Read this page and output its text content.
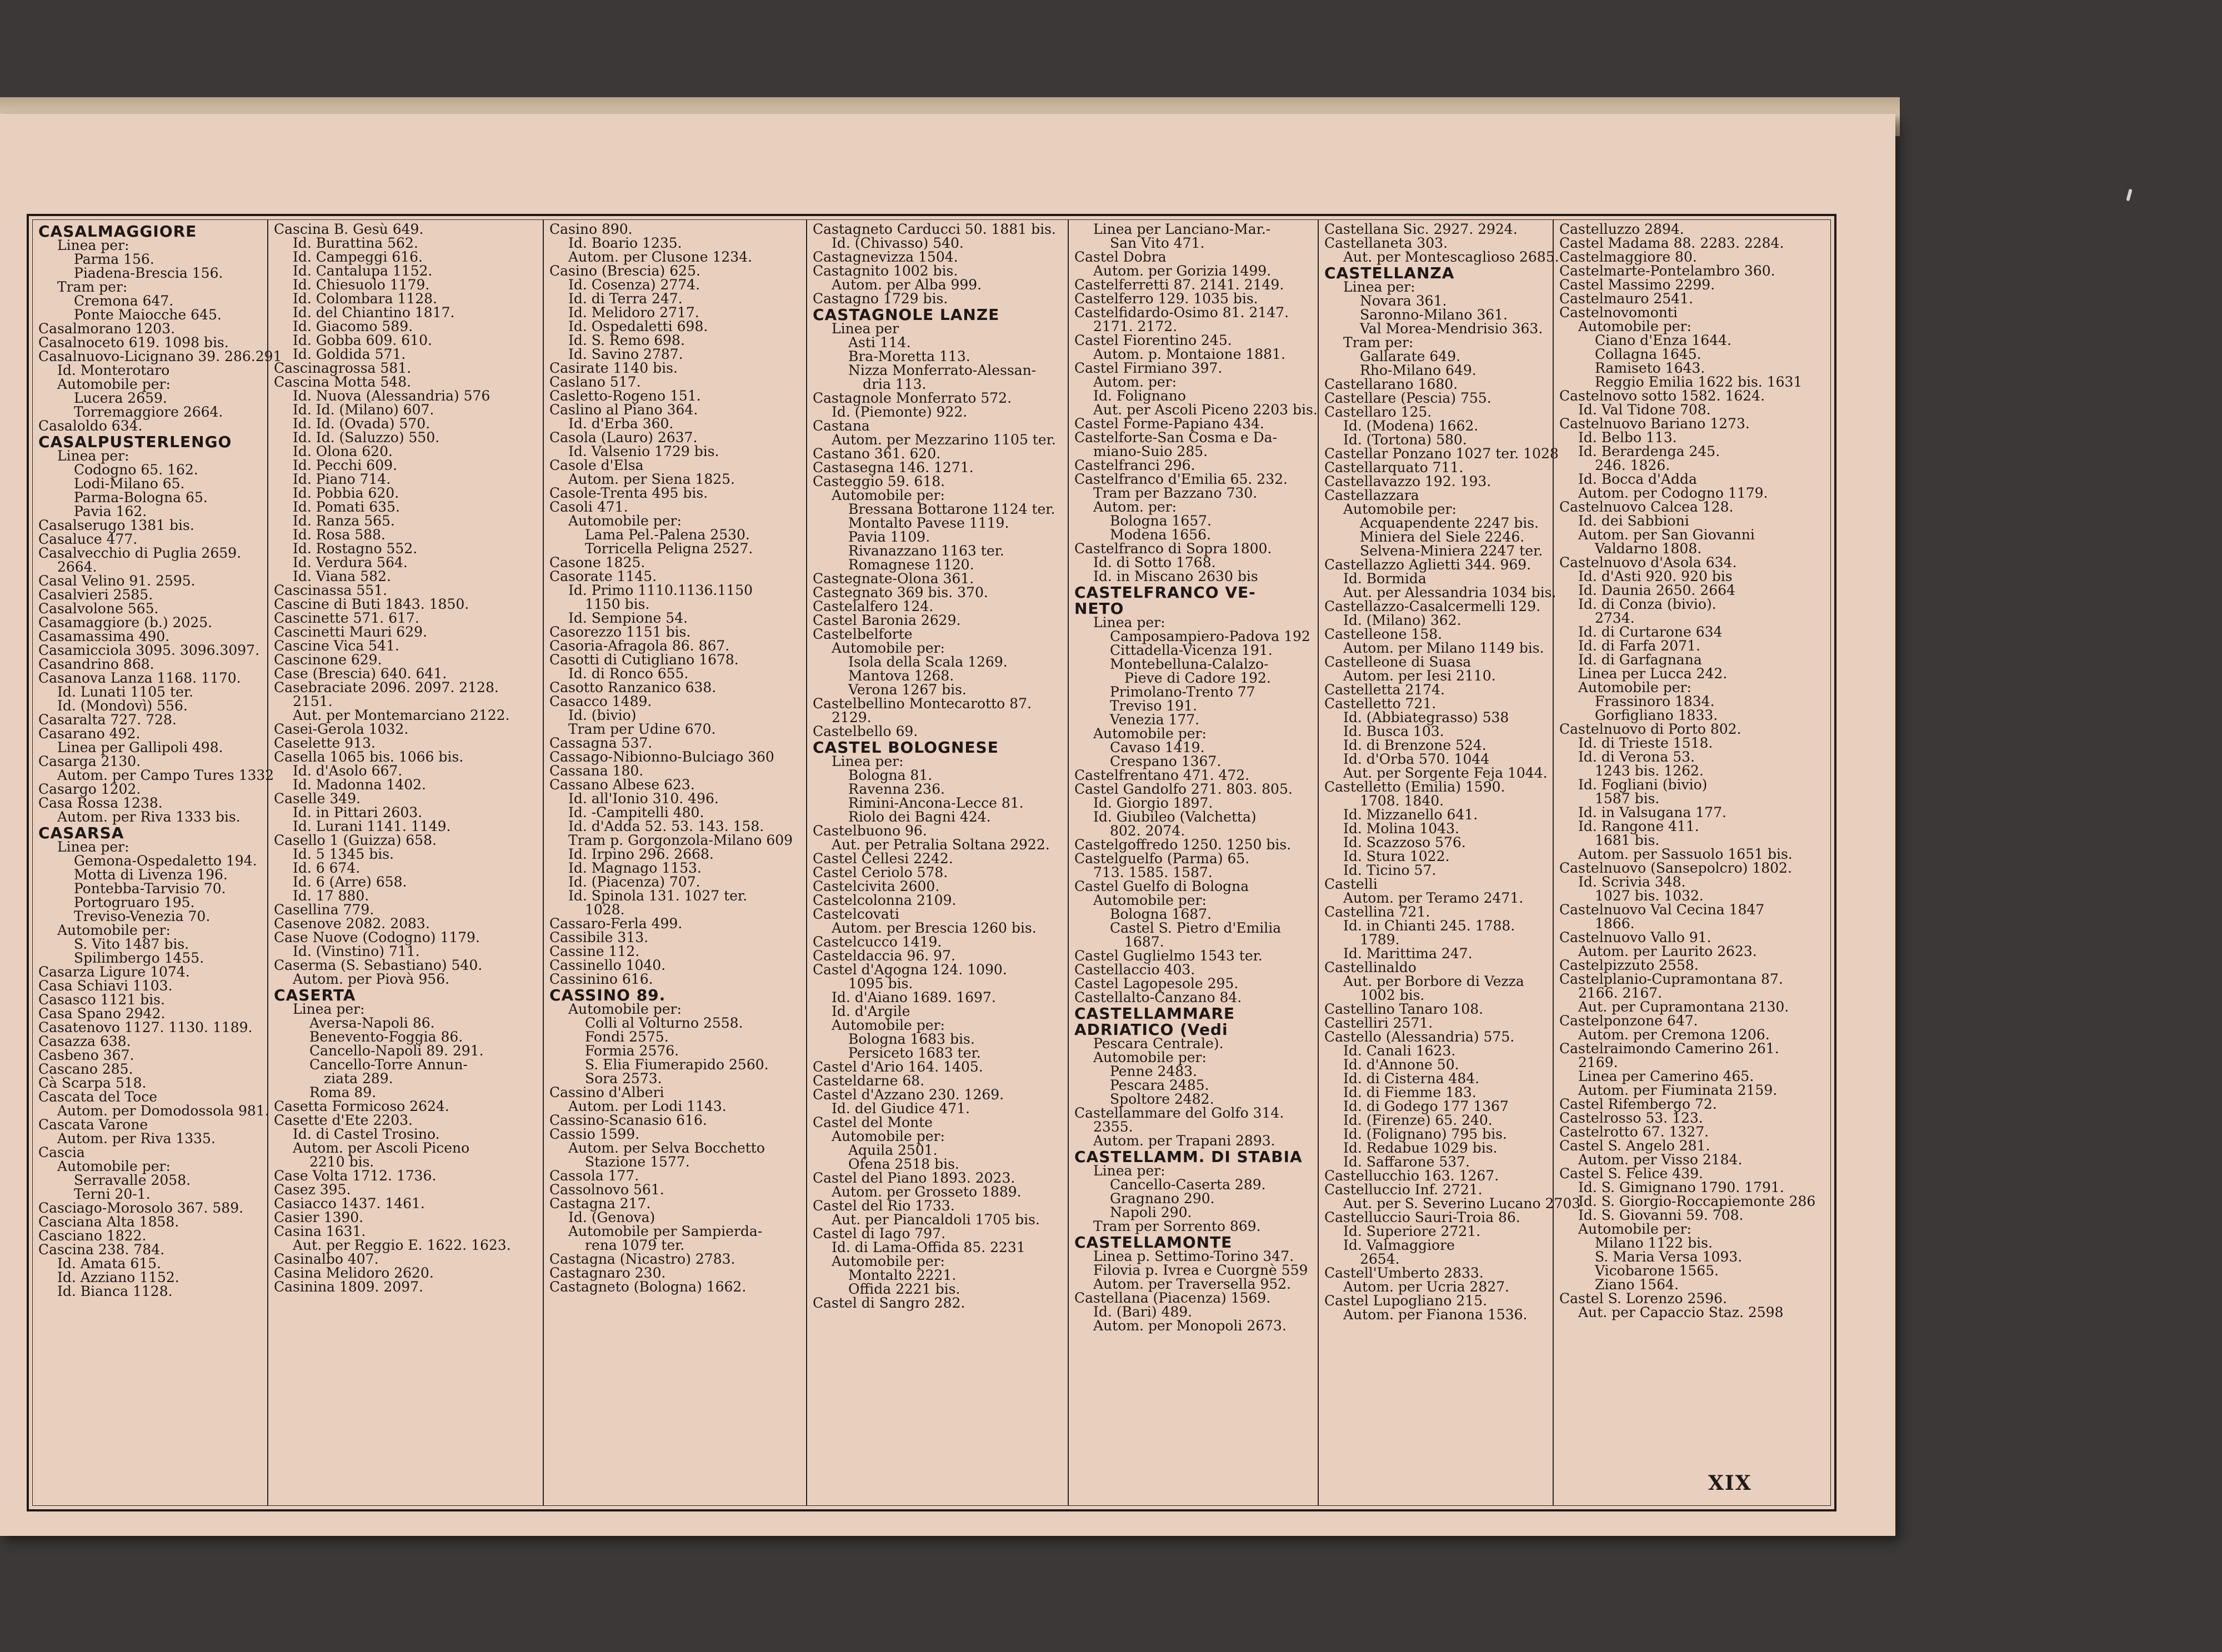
CASALMAGGIORE
Linea per:
Parma 156.
Piadena-Brescia 156.
Tram per:
Cremona 647.
Ponte Maiocche 645.
Casalmorano 1203.
Casalnoceto 619. 1098 bis.
Casalnuovo-Licignano 39. 286.291
Id. Monterotaro
Automobile per:
Lucera 2659.
Torremaggiore 2664.
Casaloldo 634.
CASALPUSTERLENGO
Linea per:
Codogno 65. 162.
Lodi-Milano 65.
Parma-Bologna 65.
Pavia 162.
Casalserugo 1381 bis.
Casaluce 477.
Casalvecchio di Puglia 2659.
2664.
Casal Velino 91. 2595.
Casalvieri 2585.
Casalvolone 565.
Casamaggiore (b.) 2025.
Casamassima 490.
Casamicciola 3095. 3096.3097.
Casandrino 868.
Casanova Lanza 1168. 1170.
Id. Lunati 1105 ter.
Id. (Mondovì) 556.
Casaralta 727. 728.
Casarano 492.
Linea per Gallipoli 498.
Casarga 2130.
Autom. per Campo Tures 1332
Casargo 1202.
Casa Rossa 1238.
Autom. per Riva 1333 bis.
CASARSA
Linea per:
Gemona-Ospedaletto 194.
Motta di Livenza 196.
Pontebba-Tarvisio 70.
Portogruaro 195.
Treviso-Venezia 70.
Automobile per:
S. Vito 1487 bis.
Spilimbergo 1455.
Casarza Ligure 1074.
Casa Schiavi 1103.
Casasco 1121 bis.
Casa Spano 2942.
Casatenovo 1127. 1130. 1189.
Casazza 638.
Casbeno 367.
Cascano 285.
Cà Scarpa 518.
Cascata del Toce
Autom. per Domodossola 981.
Cascata Varone
Autom. per Riva 1335.
Cascia
Automobile per:
Serravalle 2058.
Terni 20-1.
Casciago-Morosolo 367. 589.
Casciana Alta 1858.
Casciano 1822.
Cascina 238. 784.
Id. Amata 615.
Id. Azziano 1152.
Id. Bianca 1128.
Cascina B. Gesù 649.
Id. Burattina 562.
Id. Campeggi 616.
Id. Cantalupa 1152.
Id. Chiesuolo 1179.
Id. Colombara 1128.
Id. del Chiantino 1817.
Id. Giacomo 589.
Id. Gobba 609. 610.
Id. Goldida 571.
Cascinagrossa 581.
Cascina Motta 548.
Id. Nuova (Alessandria) 576
Id. Id. (Milano) 607.
Id. Id. (Ovada) 570.
Id. Id. (Saluzzo) 550.
Id. Olona 620.
Id. Pecchi 609.
Id. Piano 714.
Id. Pobbia 620.
Id. Pomati 635.
Id. Ranza 565.
Id. Rosa 588.
Id. Rostagno 552.
Id. Verdura 564.
Id. Viana 582.
Cascinassa 551.
Cascine di Buti 1843. 1850.
Cascinette 571. 617.
Cascinetti Mauri 629.
Cascine Vica 541.
Cascinone 629.
Case (Brescia) 640. 641.
Casebraciate 2096. 2097. 2128.
2151.
Aut. per Montemarciano 2122.
Casei-Gerola 1032.
Caselette 913.
Casella 1065 bis. 1066 bis.
Id. d'Asolo 667.
Id. Madonna 1402.
Caselle 349.
Id. in Pittari 2603.
Id. Lurani 1141. 1149.
Casello 1 (Guizza) 658.
Id. 5 1345 bis.
Id. 6 674.
Id. 6 (Arre) 658.
Id. 17 880.
Casellina 779.
Casenove 2082. 2083.
Case Nuove (Codogno) 1179.
Id. (Vinstino) 711.
Caserma (S. Sebastiano) 540.
Autom. per Piovà 956.
CASERTA
Linea per:
Aversa-Napoli 86.
Benevento-Foggia 86.
Cancello-Napoli 89. 291.
Cancello-Torre Annun-
ziata 289.
Roma 89.
Casetta Formicoso 2624.
Casette d'Ete 2203.
Id. di Castel Trosino.
Autom. per Ascoli Piceno
2210 bis.
Case Volta 1712. 1736.
Casez 395.
Casiacco 1437. 1461.
Casier 1390.
Casina 1631.
Aut. per Reggio E. 1622. 1623.
Casinalbo 407.
Casina Melidoro 2620.
Casinina 1809. 2097.
Casino 890.
Id. Boario 1235.
Autom. per Clusone 1234.
Casino (Brescia) 625.
Id. Cosenza) 2774.
Id. di Terra 247.
Id. Melidoro 2717.
Id. Ospedaletti 698.
Id. S. Remo 698.
Id. Savino 2787.
Casirate 1140 bis.
Caslano 517.
Casletto-Rogeno 151.
Caslino al Piano 364.
Id. d'Erba 360.
Casola (Lauro) 2637.
Id. Valsenio 1729 bis.
Casole d'Elsa
Autom. per Siena 1825.
Casole-Trenta 495 bis.
Casoli 471.
Automobile per:
Lama Pel.-Palena 2530.
Torricella Peligna 2527.
Casone 1825.
Casorate 1145.
Id. Primo 1110.1136.1150
1150 bis.
Id. Sempione 54.
Casorezzo 1151 bis.
Casoria-Afragola 86. 867.
Casotti di Cutigliano 1678.
Id. di Ronco 655.
Casotto Ranzanico 638.
Casacco 1489.
Id. (bivio)
Tram per Udine 670.
Cassagna 537.
Cassago-Nibionno-Bulciago 360
Cassana 180.
Cassano Albese 623.
Id. all'Ionio 310. 496.
Id. -Campitelli 480.
Id. d'Adda 52. 53. 143. 158.
Tram p. Gorgonzola-Milano 609
Id. Irpino 296. 2668.
Id. Magnago 1153.
Id. (Piacenza) 707.
Id. Spinola 131. 1027 ter.
1028.
Cassaro-Ferla 499.
Cassibile 313.
Cassine 112.
Cassinello 1040.
Cassinino 616.
CASSINO 89.
Automobile per:
Colli al Volturno 2558.
Fondi 2575.
Formia 2576.
S. Elia Fiumerapido 2560.
Sora 2573.
Cassino d'Alberi
Autom. per Lodi 1143.
Cassino-Scanasio 616.
Cassio 1599.
Autom. per Selva Bocchetto
Stazione 1577.
Cassola 177.
Cassolnovo 561.
Castagna 217.
Id. (Genova)
Automobile per Sampierda-
rena 1079 ter.
Castagna (Nicastro) 2783.
Castagnaro 230.
Castagneto (Bologna) 1662.
Castagneto Carducci 50. 1881 bis.
Id. (Chivasso) 540.
Castagnevizza 1504.
Castagnito 1002 bis.
Autom. per Alba 999.
Castagno 1729 bis.
CASTAGNOLE LANZE
Linea per
Asti 114.
Bra-Moretta 113.
Nizza Monferrato-Alessan-
dria 113.
Castagnole Monferrato 572.
Id. (Piemonte) 922.
Castana
Autom. per Mezzarino 1105 ter.
Castano 361. 620.
Castasegna 146. 1271.
Casteggio 59. 618.
Automobile per:
Bressana Bottarone 1124 ter.
Montalto Pavese 1119.
Pavia 1109.
Rivanazzano 1163 ter.
Romagnese 1120.
Castegnate-Olona 361.
Castegnato 369 bis. 370.
Castelalfero 124.
Castel Baronia 2629.
Castelbelforte
Automobile per:
Isola della Scala 1269.
Mantova 1268.
Verona 1267 bis.
Castelbellino Montecarotto 87.
2129.
Castelbello 69.
CASTEL BOLOGNESE
Linea per:
Bologna 81.
Ravenna 236.
Rimini-Ancona-Lecce 81.
Riolo dei Bagni 424.
Castelbuono 96.
Aut. per Petralia Soltana 2922.
Castel Cellesi 2242.
Castel Ceriolo 578.
Castelcivita 2600.
Castelcolonna 2109.
Castelcovati
Autom. per Brescia 1260 bis.
Castelcucco 1419.
Casteldaccia 96. 97.
Castel d'Agogna 124. 1090.
1095 bis.
Id. d'Aiano 1689. 1697.
Id. d'Argile
Automobile per:
Bologna 1683 bis.
Persiceto 1683 ter.
Castel d'Ario 164. 1405.
Casteldarne 68.
Castel d'Azzano 230. 1269.
Id. del Giudice 471.
Castel del Monte
Automobile per:
Aquila 2501.
Ofena 2518 bis.
Castel del Piano 1893. 2023.
Autom. per Grosseto 1889.
Castel del Rio 1733.
Aut. per Piancaldoli 1705 bis.
Castel di Iago 797.
Id. di Lama-Offida 85. 2231
Automobile per:
Montalto 2221.
Offida 2221 bis.
Castel di Sangro 282.
Linea per Lanciano-Mar.-
San Vito 471.
Castel Dobra
Autom. per Gorizia 1499.
Castelferretti 87. 2141. 2149.
Castelferro 129. 1035 bis.
Castelfidardo-Osimo 81. 2147.
2171. 2172.
Castel Fiorentino 245.
Autom. p. Montaione 1881.
Castel Firmiano 397.
Autom. per:
Id. Folignano
Aut. per Ascoli Piceno 2203 bis.
Castel Forme-Papiano 434.
Castelforte-San Cosma e Da-
miano-Suio 285.
Castelfranci 296.
Castelfranco d'Emilia 65. 232.
Tram per Bazzano 730.
Autom. per:
Bologna 1657.
Modena 1656.
Castelfranco di Sopra 1800.
Id. di Sotto 1768.
Id. in Miscano 2630 bis
CASTELFRANCO VE-
NETO
Linea per:
Camposampiero-Padova 192
Cittadella-Vicenza 191.
Montebelluna-Calalzo-
Pieve di Cadore 192.
Primolano-Trento 77
Treviso 191.
Venezia 177.
Automobile per:
Cavaso 1419.
Crespano 1367.
Castelfrentano 471. 472.
Castel Gandolfo 271. 803. 805.
Id. Giorgio 1897.
Id. Giubileo (Valchetta)
802. 2074.
Castelgoffredo 1250. 1250 bis.
Castelguelfo (Parma) 65.
713. 1585. 1587.
Castel Guelfo di Bologna
Automobile per:
Bologna 1687.
Castel S. Pietro d'Emilia
1687.
Castel Guglielmo 1543 ter.
Castellaccio 403.
Castel Lagopesole 295.
Castellalto-Canzano 84.
CASTELLAMMARE
ADRIATICO (Vedi
Pescara Centrale).
Automobile per:
Penne 2483.
Pescara 2485.
Spoltore 2482.
Castellammare del Golfo 314.
2355.
Autom. per Trapani 2893.
CASTELLAMM. DI STABIA
Linea per:
Cancello-Caserta 289.
Gragnano 290.
Napoli 290.
Tram per Sorrento 869.
CASTELLAMONTE
Linea p. Settimo-Torino 347.
Filovia p. Ivrea e Cuorgnè 559
Autom. per Traversella 952.
Castellana (Piacenza) 1569.
Id. (Bari) 489.
Autom. per Monopoli 2673.
Castellana Sic. 2927. 2924.
Castellaneta 303.
Aut. per Montescaglioso 2685.
CASTELLANZA
Linea per:
Novara 361.
Saronno-Milano 361.
Val Morea-Mendrisio 363.
Tram per:
Gallarate 649.
Rho-Milano 649.
Castellarano 1680.
Castellare (Pescia) 755.
Castellaro 125.
Id. (Modena) 1662.
Id. (Tortona) 580.
Castellar Ponzano 1027 ter. 1028
Castellarquato 711.
Castellavazzo 192. 193.
Castellazzara
Automobile per:
Acquapendente 2247 bis.
Miniera del Siele 2246.
Selvena-Miniera 2247 ter.
Castellazzo Aglietti 344. 969.
Id. Bormida
Aut. per Alessandria 1034 bis.
Castellazzo-Casalcermelli 129.
Id. (Milano) 362.
Castelleone 158.
Autom. per Milano 1149 bis.
Castelleone di Suasa
Autom. per Iesi 2110.
Castelletta 2174.
Castelletto 721.
Id. (Abbiategrasso) 538
Id. Busca 103.
Id. di Brenzone 524.
Id. d'Orba 570. 1044
Aut. per Sorgente Feja 1044.
Castelletto (Emilia) 1590.
1708. 1840.
Id. Mizzanello 641.
Id. Molina 1043.
Id. Scazzoso 576.
Id. Stura 1022.
Id. Ticino 57.
Castelli
Autom. per Teramo 2471.
Castellina 721.
Id. in Chianti 245. 1788.
1789.
Id. Marittima 247.
Castellinaldo
Aut. per Borbore di Vezza
1002 bis.
Castellino Tanaro 108.
Castelliri 2571.
Castello (Alessandria) 575.
Id. Canali 1623.
Id. d'Annone 50.
Id. di Cisterna 484.
Id. di Fiemme 183.
Id. di Godego 177 1367
Id. (Firenze) 65. 240.
Id. (Folignano) 795 bis.
Id. Redabue 1029 bis.
Id. Saffarone 537.
Castellucchio 163. 1267.
Castelluccio Inf. 2721.
Aut. per S. Severino Lucano 2703
Castelluccio Sauri-Troia 86.
Id. Superiore 2721.
Id. Valmaggiore
2654.
Castell'Umberto 2833.
Autom. per Ucria 2827.
Castel Lupogliano 215.
Autom. per Fianona 1536.
Castelluzzo 2894.
Castel Madama 88. 2283. 2284.
Castelmaggiore 80.
Castelmarte-Pontelambro 360.
Castel Massimo 2299.
Castelmauro 2541.
Castelnovomonti
Automobile per:
Ciano d'Enza 1644.
Collagna 1645.
Ramiseto 1643.
Reggio Emilia 1622 bis. 1631
Castelnovo sotto 1582. 1624.
Id. Val Tidone 708.
Castelnuovo Bariano 1273.
Id. Belbo 113.
Id. Berardenga 245.
246. 1826.
Id. Bocca d'Adda
Autom. per Codogno 1179.
Castelnuovo Calcea 128.
Id. dei Sabbioni
Autom. per San Giovanni
Valdarno 1808.
Castelnuovo d'Asola 634.
Id. d'Asti 920. 920 bis
Id. Daunia 2650. 2664
Id. di Conza (bivio).
2734.
Id. di Curtarone 634
Id. di Farfa 2071.
Id. di Garfagnana
Linea per Lucca 242.
Automobile per:
Frassinoro 1834.
Gorfigliano 1833.
Castelnuovo di Porto 802.
Id. di Trieste 1518.
Id. di Verona 53.
1243 bis. 1262.
Id. Fogliani (bivio)
1587 bis.
Id. in Valsugana 177.
Id. Rangone 411.
1681 bis.
Autom. per Sassuolo 1651 bis.
Castelnuovo (Sansepolcro) 1802.
Id. Scrivia 348.
1027 bis. 1032.
Castelnuovo Val Cecina 1847
1866.
Castelnuovo Vallo 91.
Autom. per Laurito 2623.
Castelpizzuto 2558.
Castelplanio-Cupramontana 87.
2166. 2167.
Aut. per Cupramontana 2130.
Castelponzone 647.
Autom. per Cremona 1206.
Castelraimondo Camerino 261.
2169.
Linea per Camerino 465.
Autom. per Fiuminata 2159.
Castel Rifembergo 72.
Castelrosso 53. 123.
Castelrotto 67. 1327.
Castel S. Angelo 281.
Autom. per Visso 2184.
Castel S. Felice 439.
Id. S. Gimignano 1790. 1791.
Id. S. Giorgio-Roccapiemonte 286
Id. S. Giovanni 59. 708.
Automobile per:
Milano 1122 bis.
S. Maria Versa 1093.
Vicobarone 1565.
Ziano 1564.
Castel S. Lorenzo 2596.
Aut. per Capaccio Staz. 2598
XIX
